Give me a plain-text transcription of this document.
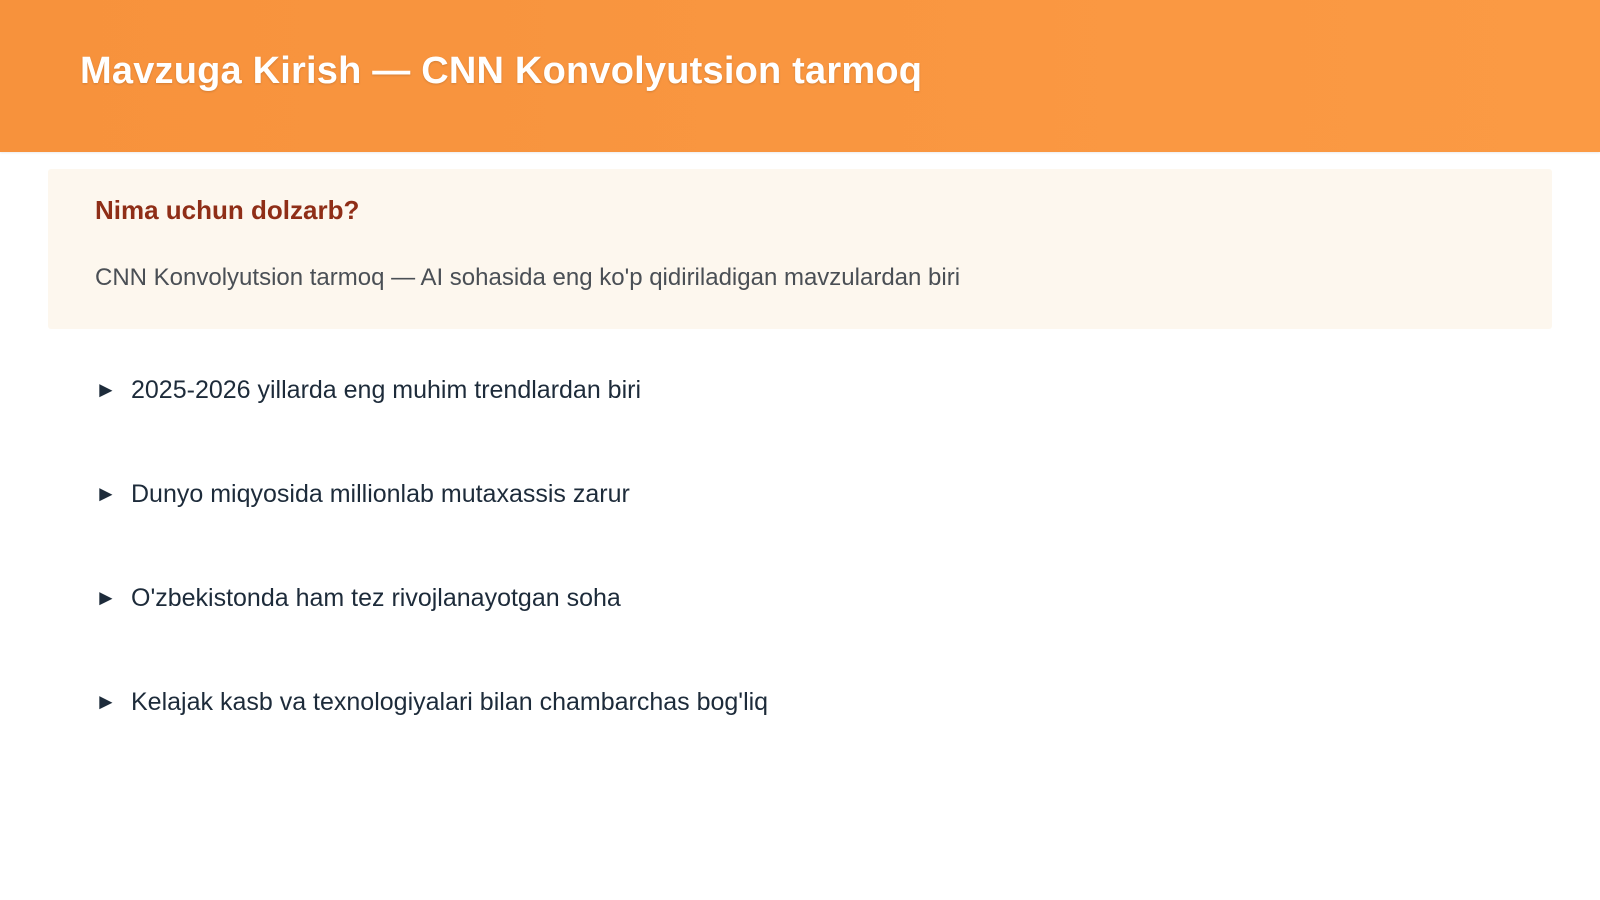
Mavzuga Kirish — CNN Konvolyutsion tarmoq
Nima uchun dolzarb?
CNN Konvolyutsion tarmoq — AI sohasida eng ko'p qidiriladigan mavzulardan biri
► 2025-2026 yillarda eng muhim trendlardan biri
► Dunyo miqyosida millionlab mutaxassis zarur
► O'zbekistonda ham tez rivojlanayotgan soha
► Kelajak kasb va texnologiyalari bilan chambarchas bog'liq
